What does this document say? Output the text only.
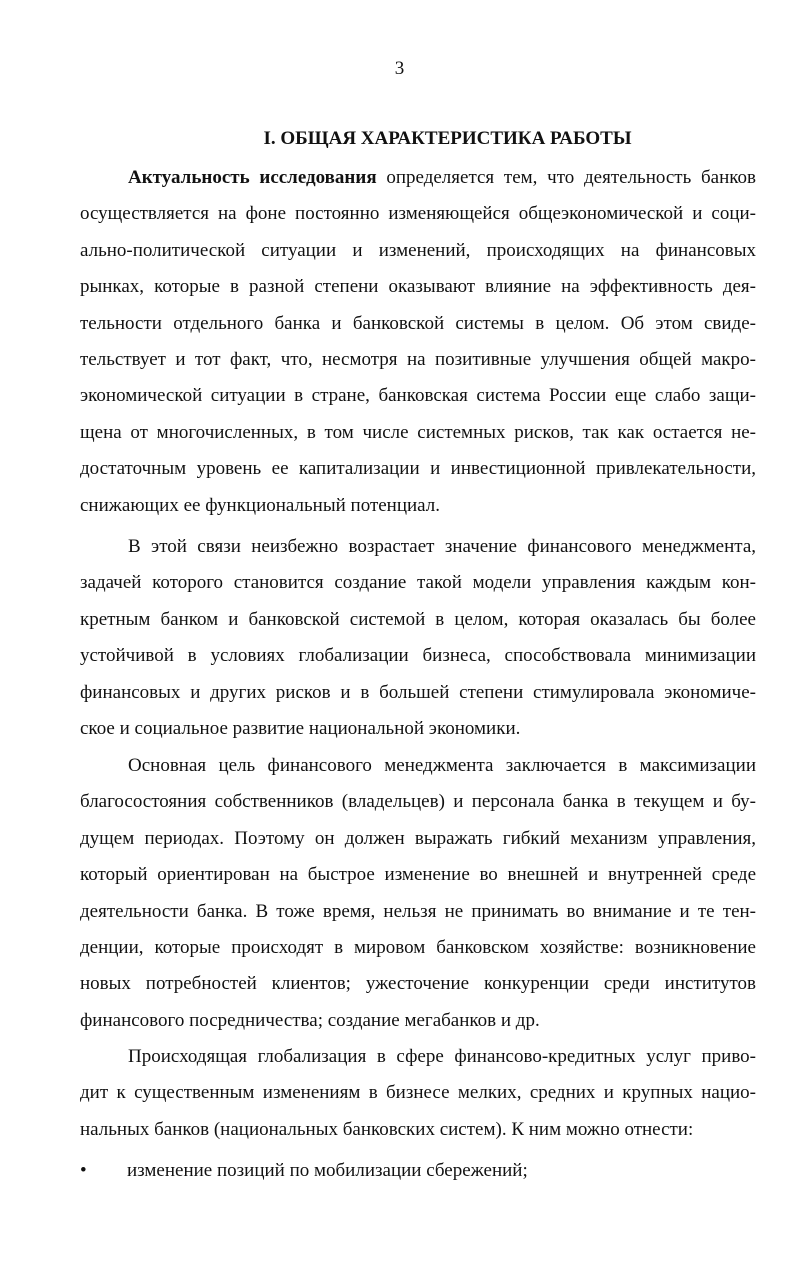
3
I. ОБЩАЯ ХАРАКТЕРИСТИКА РАБОТЫ
Актуальность исследования определяется тем, что деятельность банков
осуществляется на фоне постоянно изменяющейся общеэкономической и соци-
ально-политической ситуации и изменений, происходящих на финансовых
рынках, которые в разной степени оказывают влияние на эффективность дея-
тельности отдельного банка и банковской системы в целом. Об этом свиде-
тельствует и тот факт, что, несмотря на позитивные улучшения общей макро-
экономической ситуации в стране, банковская система России еще слабо защи-
щена от многочисленных, в том числе системных рисков, так как остается не-
достаточным уровень ее капитализации и инвестиционной привлекательности,
снижающих ее функциональный потенциал.
В этой связи неизбежно возрастает значение финансового менеджмента,
задачей которого становится создание такой модели управления каждым кон-
кретным банком и банковской системой в целом, которая оказалась бы более
устойчивой в условиях глобализации бизнеса, способствовала минимизации
финансовых и других рисков и в большей степени стимулировала экономиче-
ское и социальное развитие национальной экономики.
Основная цель финансового менеджмента заключается в максимизации
благосостояния собственников (владельцев) и персонала банка в текущем и бу-
дущем периодах. Поэтому он должен выражать гибкий механизм управления,
который ориентирован на быстрое изменение во внешней и внутренней среде
деятельности банка. В тоже время, нельзя не принимать во внимание и те тен-
денции, которые происходят в мировом банковском хозяйстве: возникновение
новых потребностей клиентов; ужесточение конкуренции среди институтов
финансового посредничества; создание мегабанков и др.
Происходящая глобализация в сфере финансово-кредитных услуг приво-
дит к существенным изменениям в бизнесе мелких, средних и крупных нацио-
нальных банков (национальных банковских систем). К ним можно отнести:
• изменение позиций по мобилизации сбережений;
